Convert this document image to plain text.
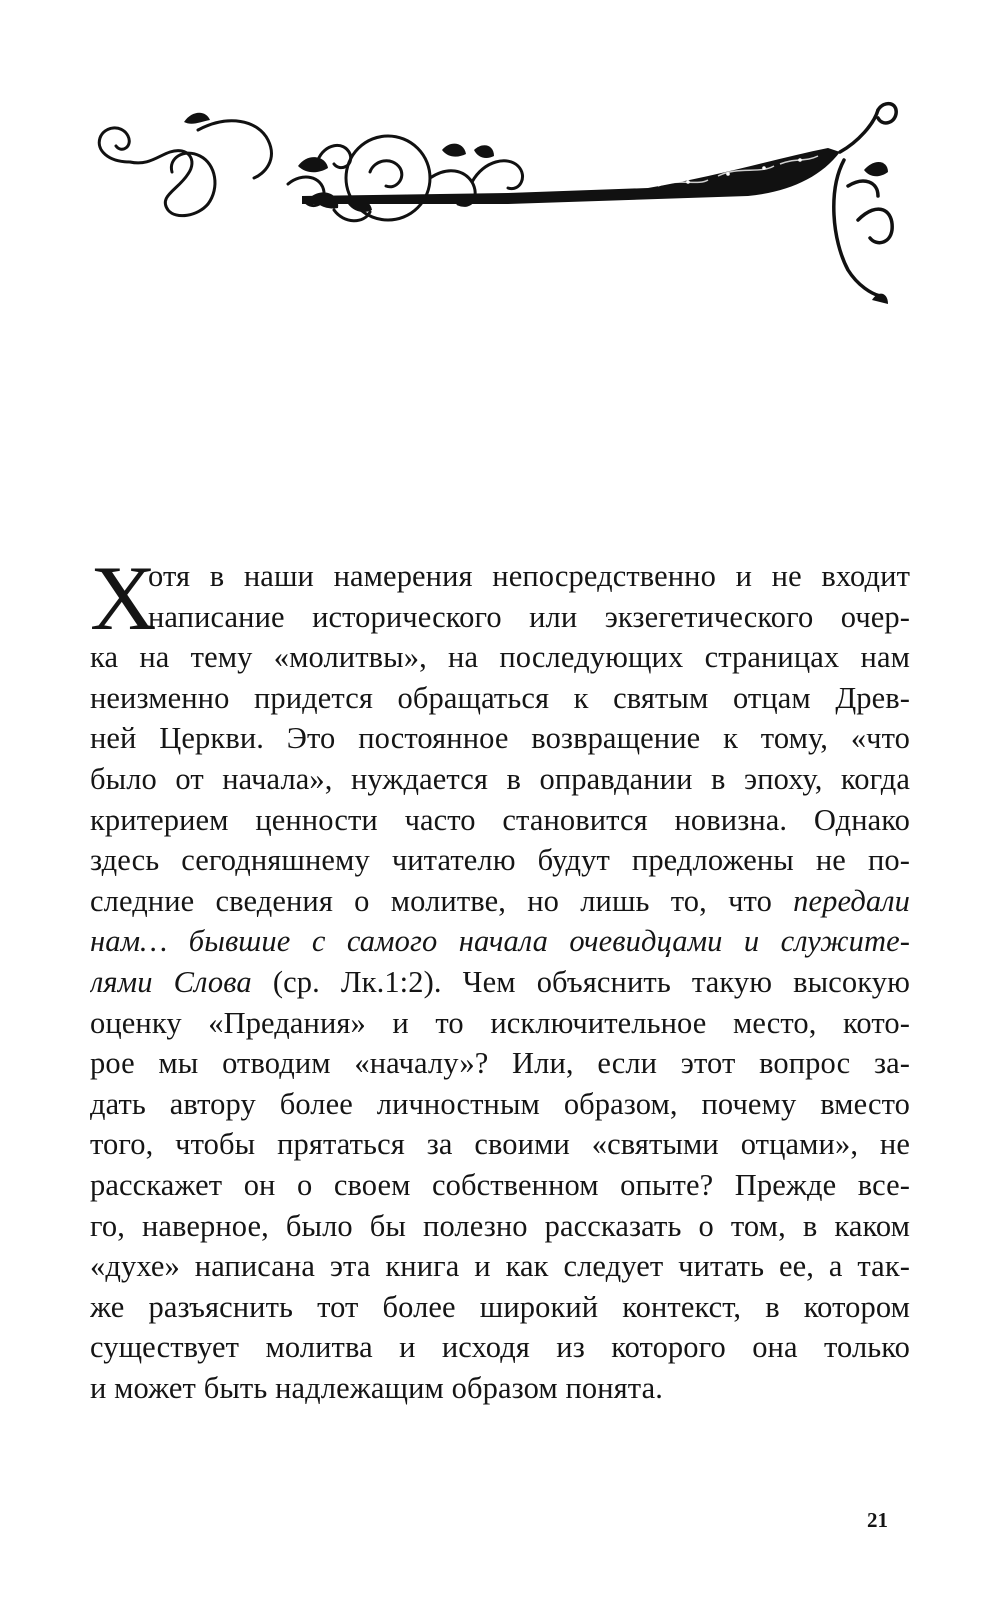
Х
отя в наши намерения непосредственно и не входит
написание исторического или экзегетического очер-
ка на тему «молитвы», на последующих страницах нам
неизменно придется обращаться к святым отцам Древ-
ней Церкви. Это постоянное возвращение к тому, «что
было от начала», нуждается в оправдании в эпоху, когда
критерием ценности часто становится новизна. Однако
здесь сегодняшнему читателю будут предложены не по-
следние сведения о молитве, но лишь то, что передали
нам… бывшие с самого начала очевидцами и служите-
лями Слова (ср. Лк.1:2). Чем объяснить такую высокую
оценку «Предания» и то исключительное место, кото-
рое мы отводим «началу»? Или, если этот вопрос за-
дать автору более личностным образом, почему вместо
того, чтобы прятаться за своими «святыми отцами», не
расскажет он о своем собственном опыте? Прежде все-
го, наверное, было бы полезно рассказать о том, в каком
«духе» написана эта книга и как следует читать ее, а так-
же разъяснить тот более широкий контекст, в котором
существует молитва и исходя из которого она только
и может быть надлежащим образом понята.
21
